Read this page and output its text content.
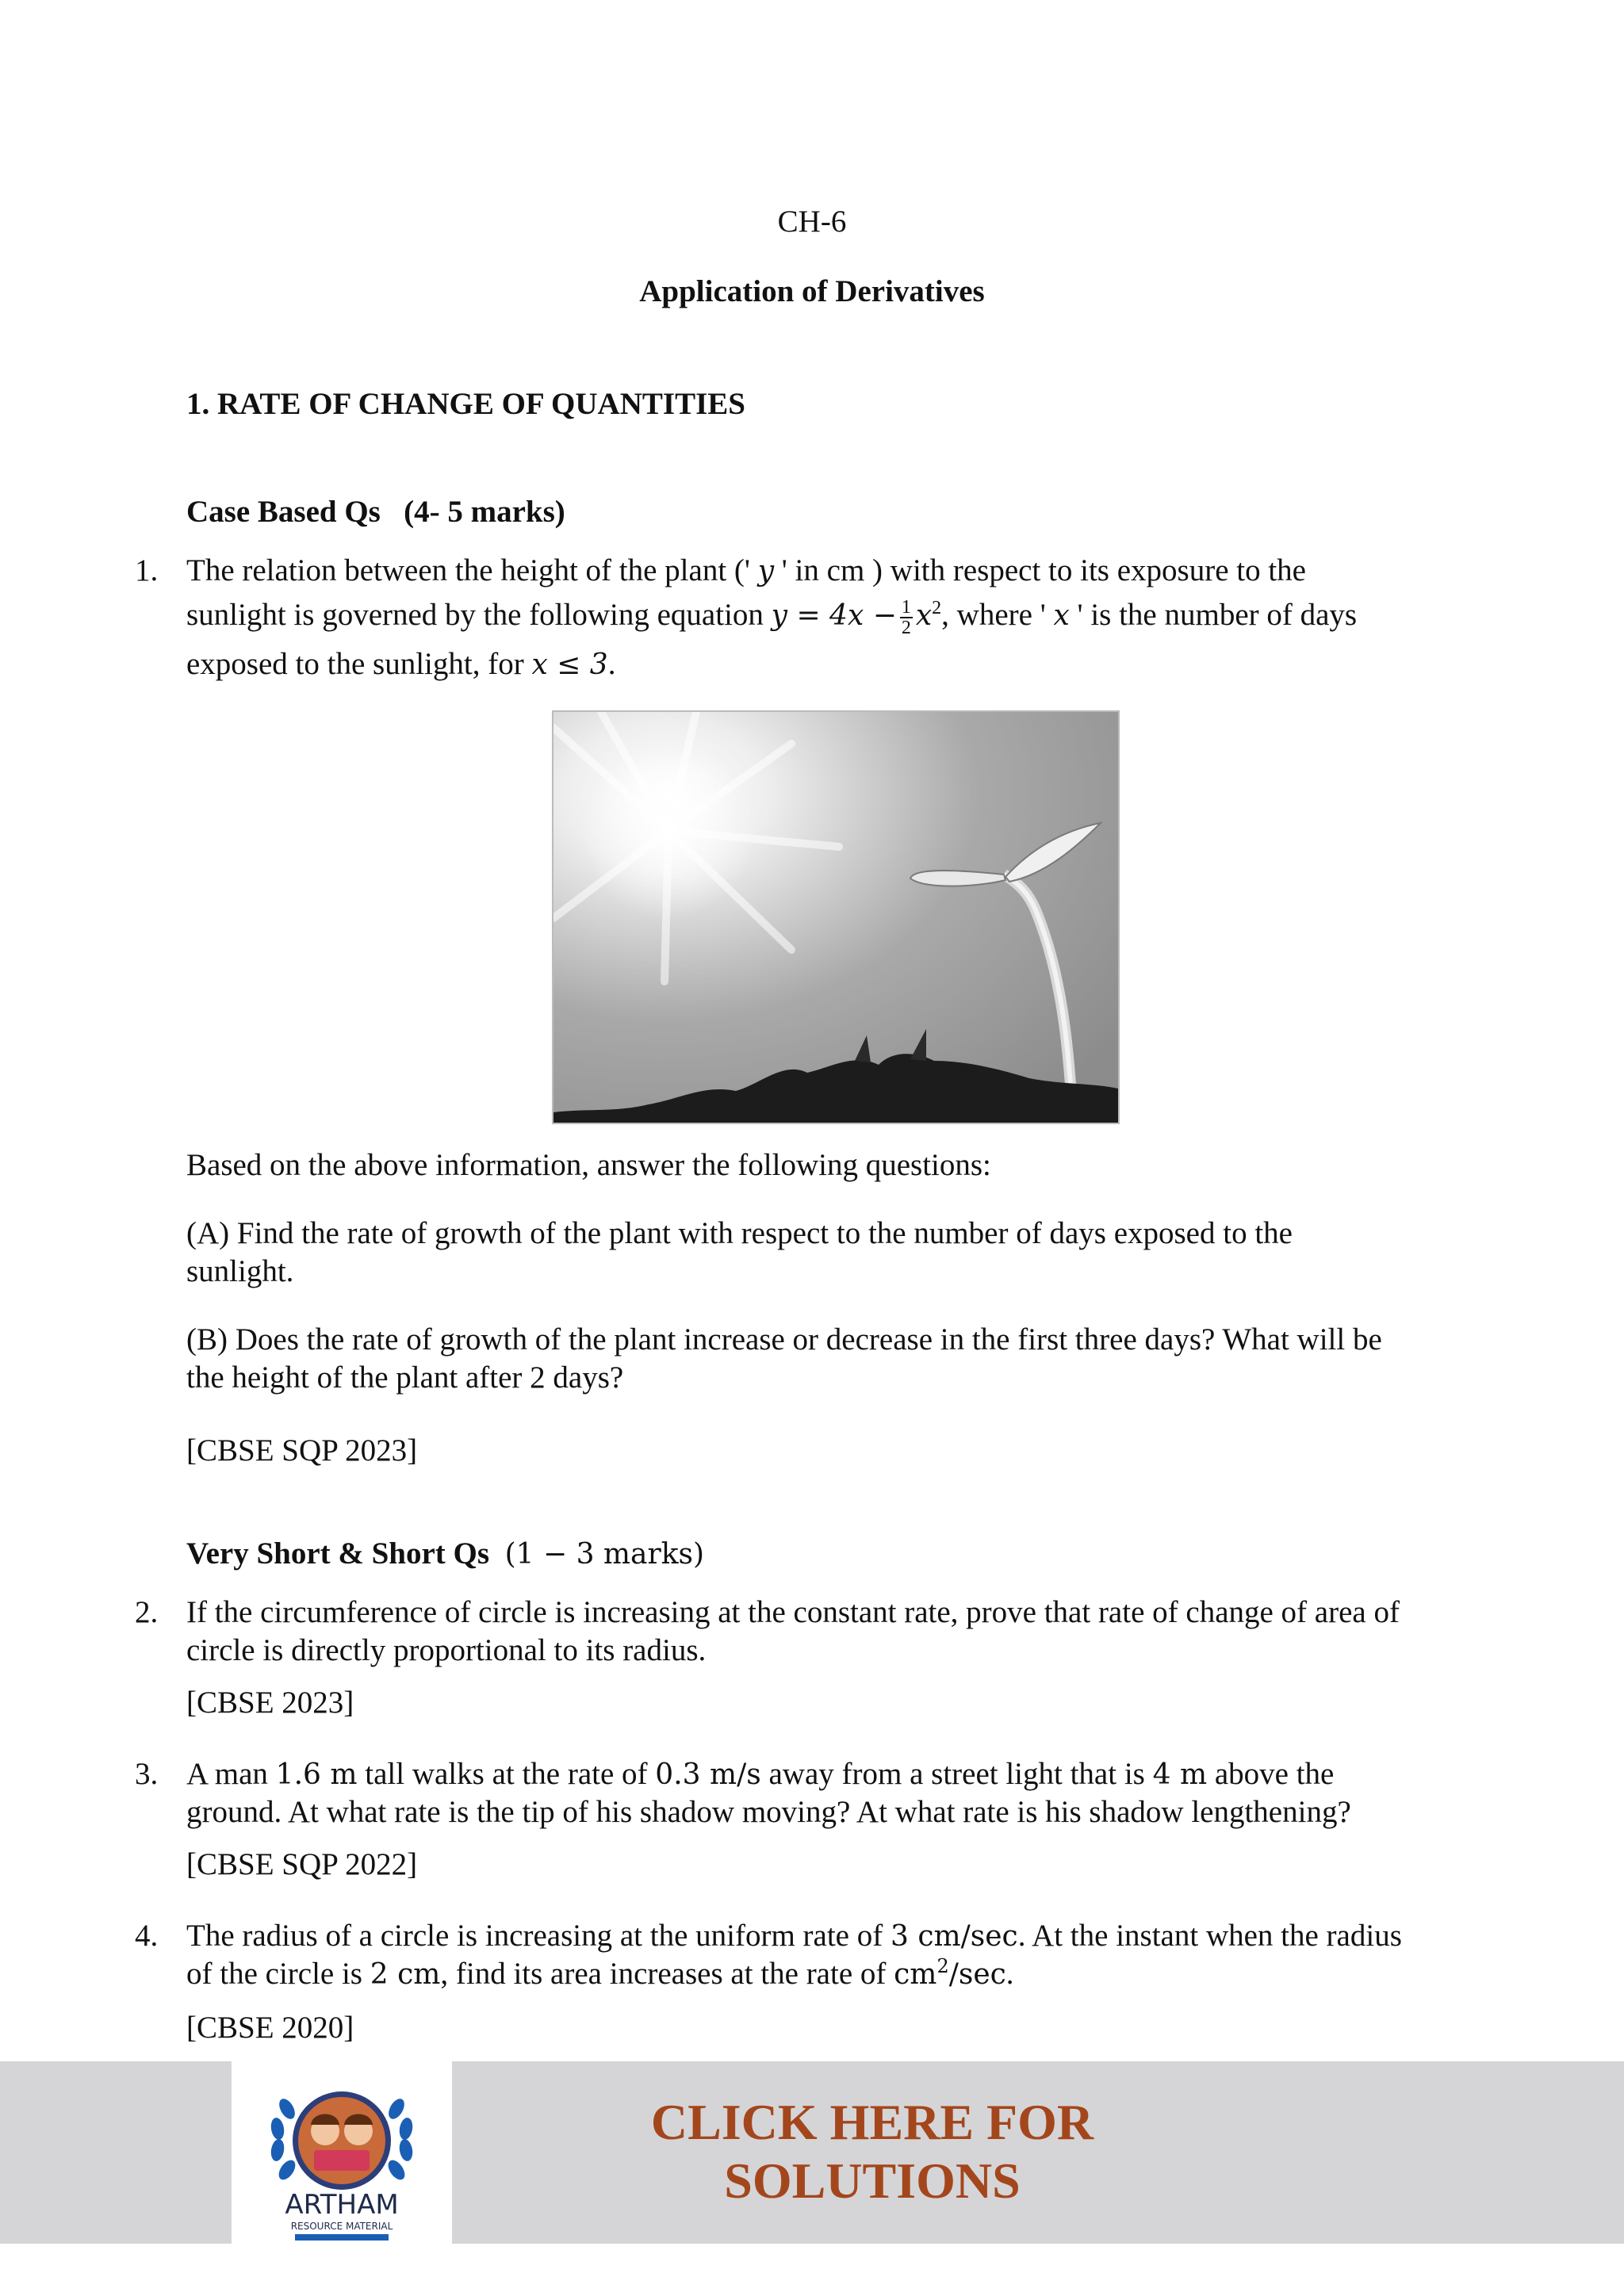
CH-6
Application of Derivatives
1. RATE OF CHANGE OF QUANTITIES
Case Based Qs (4- 5 marks)
1. The relation between the height of the plant (' y ' in cm ) with respect to its exposure to the
sunlight is governed by the following equation $y = 4x - \frac{1}{2} x^2$, where ' x ' is the number of days
exposed to the sunlight, for x ≤ 3.
Based on the above information, answer the following questions:
(A) Find the rate of growth of the plant with respect to the number of days exposed to the
sunlight.
(B) Does the rate of growth of the plant increase or decrease in the first three days? What will be
the height of the plant after 2 days?
[CBSE SQP 2023]
Very Short & Short Qs (1 − 3 marks)
2. If the circumference of circle is increasing at the constant rate, prove that rate of change of area of
circle is directly proportional to its radius.
[CBSE 2023]
3. A man 1.6 m tall walks at the rate of 0.3 m/s away from a street light that is 4 m above the
ground. At what rate is the tip of his shadow moving? At what rate is his shadow lengthening?
[CBSE SQP 2022]
4. The radius of a circle is increasing at the uniform rate of 3 cm/sec. At the instant when the radius
of the circle is 2 cm, find its area increases at the rate of $cm^2/\sec$.
[CBSE 2020]
ARTHAM
RESOURCE MATERIAL
CLICK HERE FOR
SOLUTIONS
